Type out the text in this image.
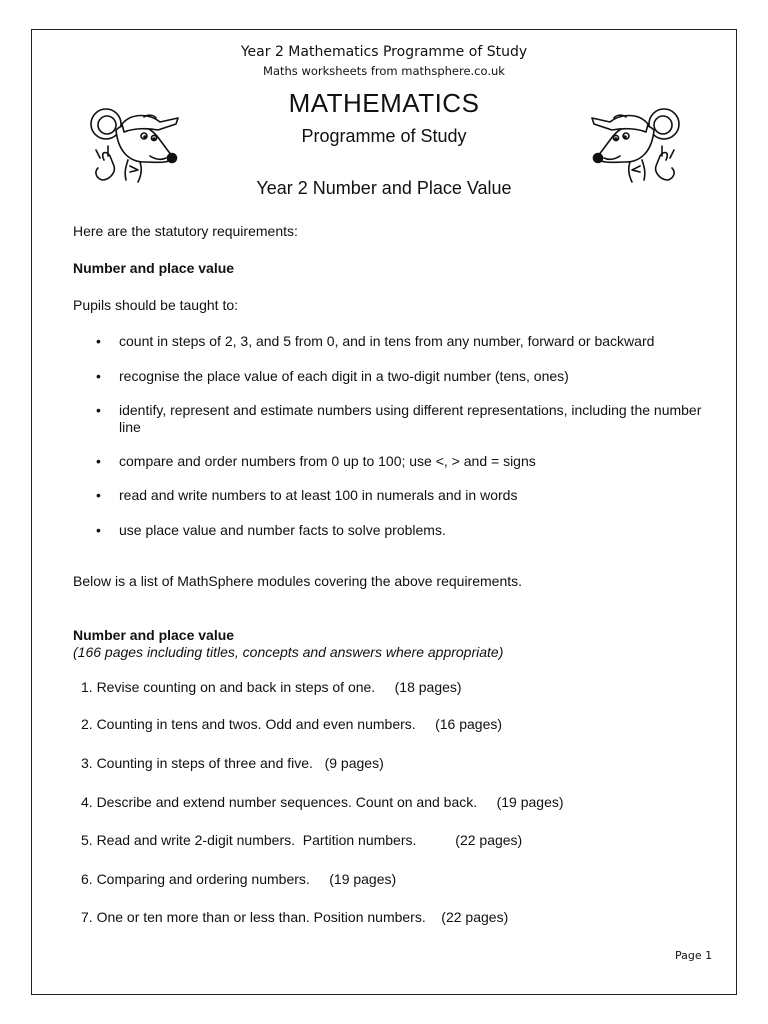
Year 2 Mathematics Programme of Study
Maths worksheets from mathsphere.co.uk
MATHEMATICS
Programme of Study
Year 2 Number and Place Value
Here are the statutory requirements:
Number and place value
Pupils should be taught to:
• count in steps of 2, 3, and 5 from 0, and in tens from any number, forward or backward
• recognise the place value of each digit in a two-digit number (tens, ones)
• identify, represent and estimate numbers using different representations, including the number line
• compare and order numbers from 0 up to 100; use <, > and = signs
• read and write numbers to at least 100 in numerals and in words
• use place value and number facts to solve problems.
Below is a list of MathSphere modules covering the above requirements.
Number and place value
(166 pages including titles, concepts and answers where appropriate)
1. Revise counting on and back in steps of one.     (18 pages)
2. Counting in tens and twos. Odd and even numbers.     (16 pages)
3. Counting in steps of three and five.   (9 pages)
4. Describe and extend number sequences. Count on and back.     (19 pages)
5. Read and write 2-digit numbers.  Partition numbers.          (22 pages)
6. Comparing and ordering numbers.     (19 pages)
7. One or ten more than or less than. Position numbers.    (22 pages)
Page 1
